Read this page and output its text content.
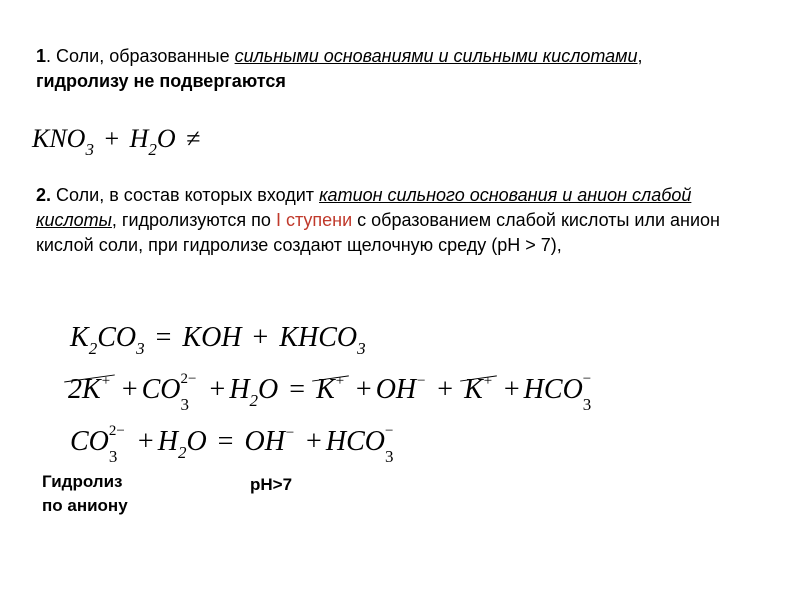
1. Соли, образованные сильными основаниями и сильными кислотами, гидролизу не подвергаются
$KNO_3 + H_2O$ ≠
2. Соли, в состав которых входит катион сильного основания и анион слабой кислоты, гидролизуются по I ступени с образованием слабой кислоты или анион кислой соли, при гидролизе создают щелочную среду (pH > 7),
$K_2CO_3$ = KOH + $KHCO_3$
2K+ + CO 2−
$3 + H_2O = K^+ + OH^- + K^+$ + HCO −
3
CO 2−
$3 + H_2O = OH^-$ + HCO −
3
Гидролиз
по аниону
pH>7
